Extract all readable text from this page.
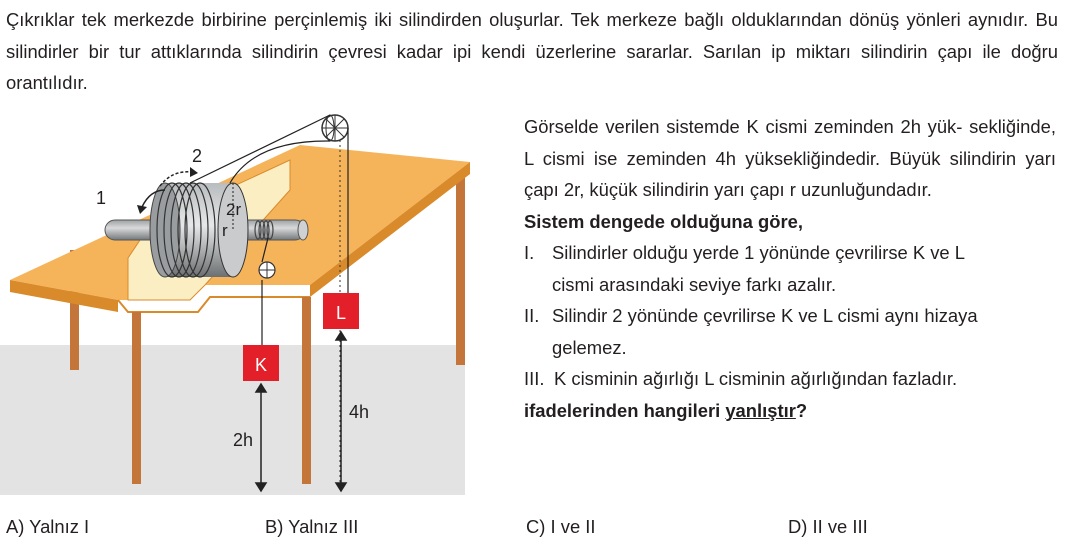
Çıkrıklar tek merkezde birbirine perçinlemiş iki silindirden oluşurlar. Tek merkeze bağlı olduklarından dönüş yönleri aynıdır. Bu silindirler bir tur attıklarında silindirin çevresi kadar ipi kendi üzerlerine sararlar. Sarılan ip miktarı silindirin çapı ile doğru orantılıdır.

K
L
2h
4h
1
2
2r
r

Görselde verilen sistemde K cismi zeminden 2h yük- sekliğinde, L cismi ise zeminden 4h yüksekliğindedir. Büyük silindirin yarı çapı 2r, küçük silindirin yarı çapı r uzunluğundadır.

Sistem dengede olduğuna göre,

I. Silindirler olduğu yerde 1 yönünde çevrilirse K ve L
cismi arasındaki seviye farkı azalır.
II. Silindir 2 yönünde çevrilirse K ve L cismi aynı hizaya
gelemez.
III. K cisminin ağırlığı L cisminin ağırlığından fazladır.

ifadelerinden hangileri yanlıştır?

A) Yalnız I	B) Yalnız III	C) I ve II	D) II ve III
